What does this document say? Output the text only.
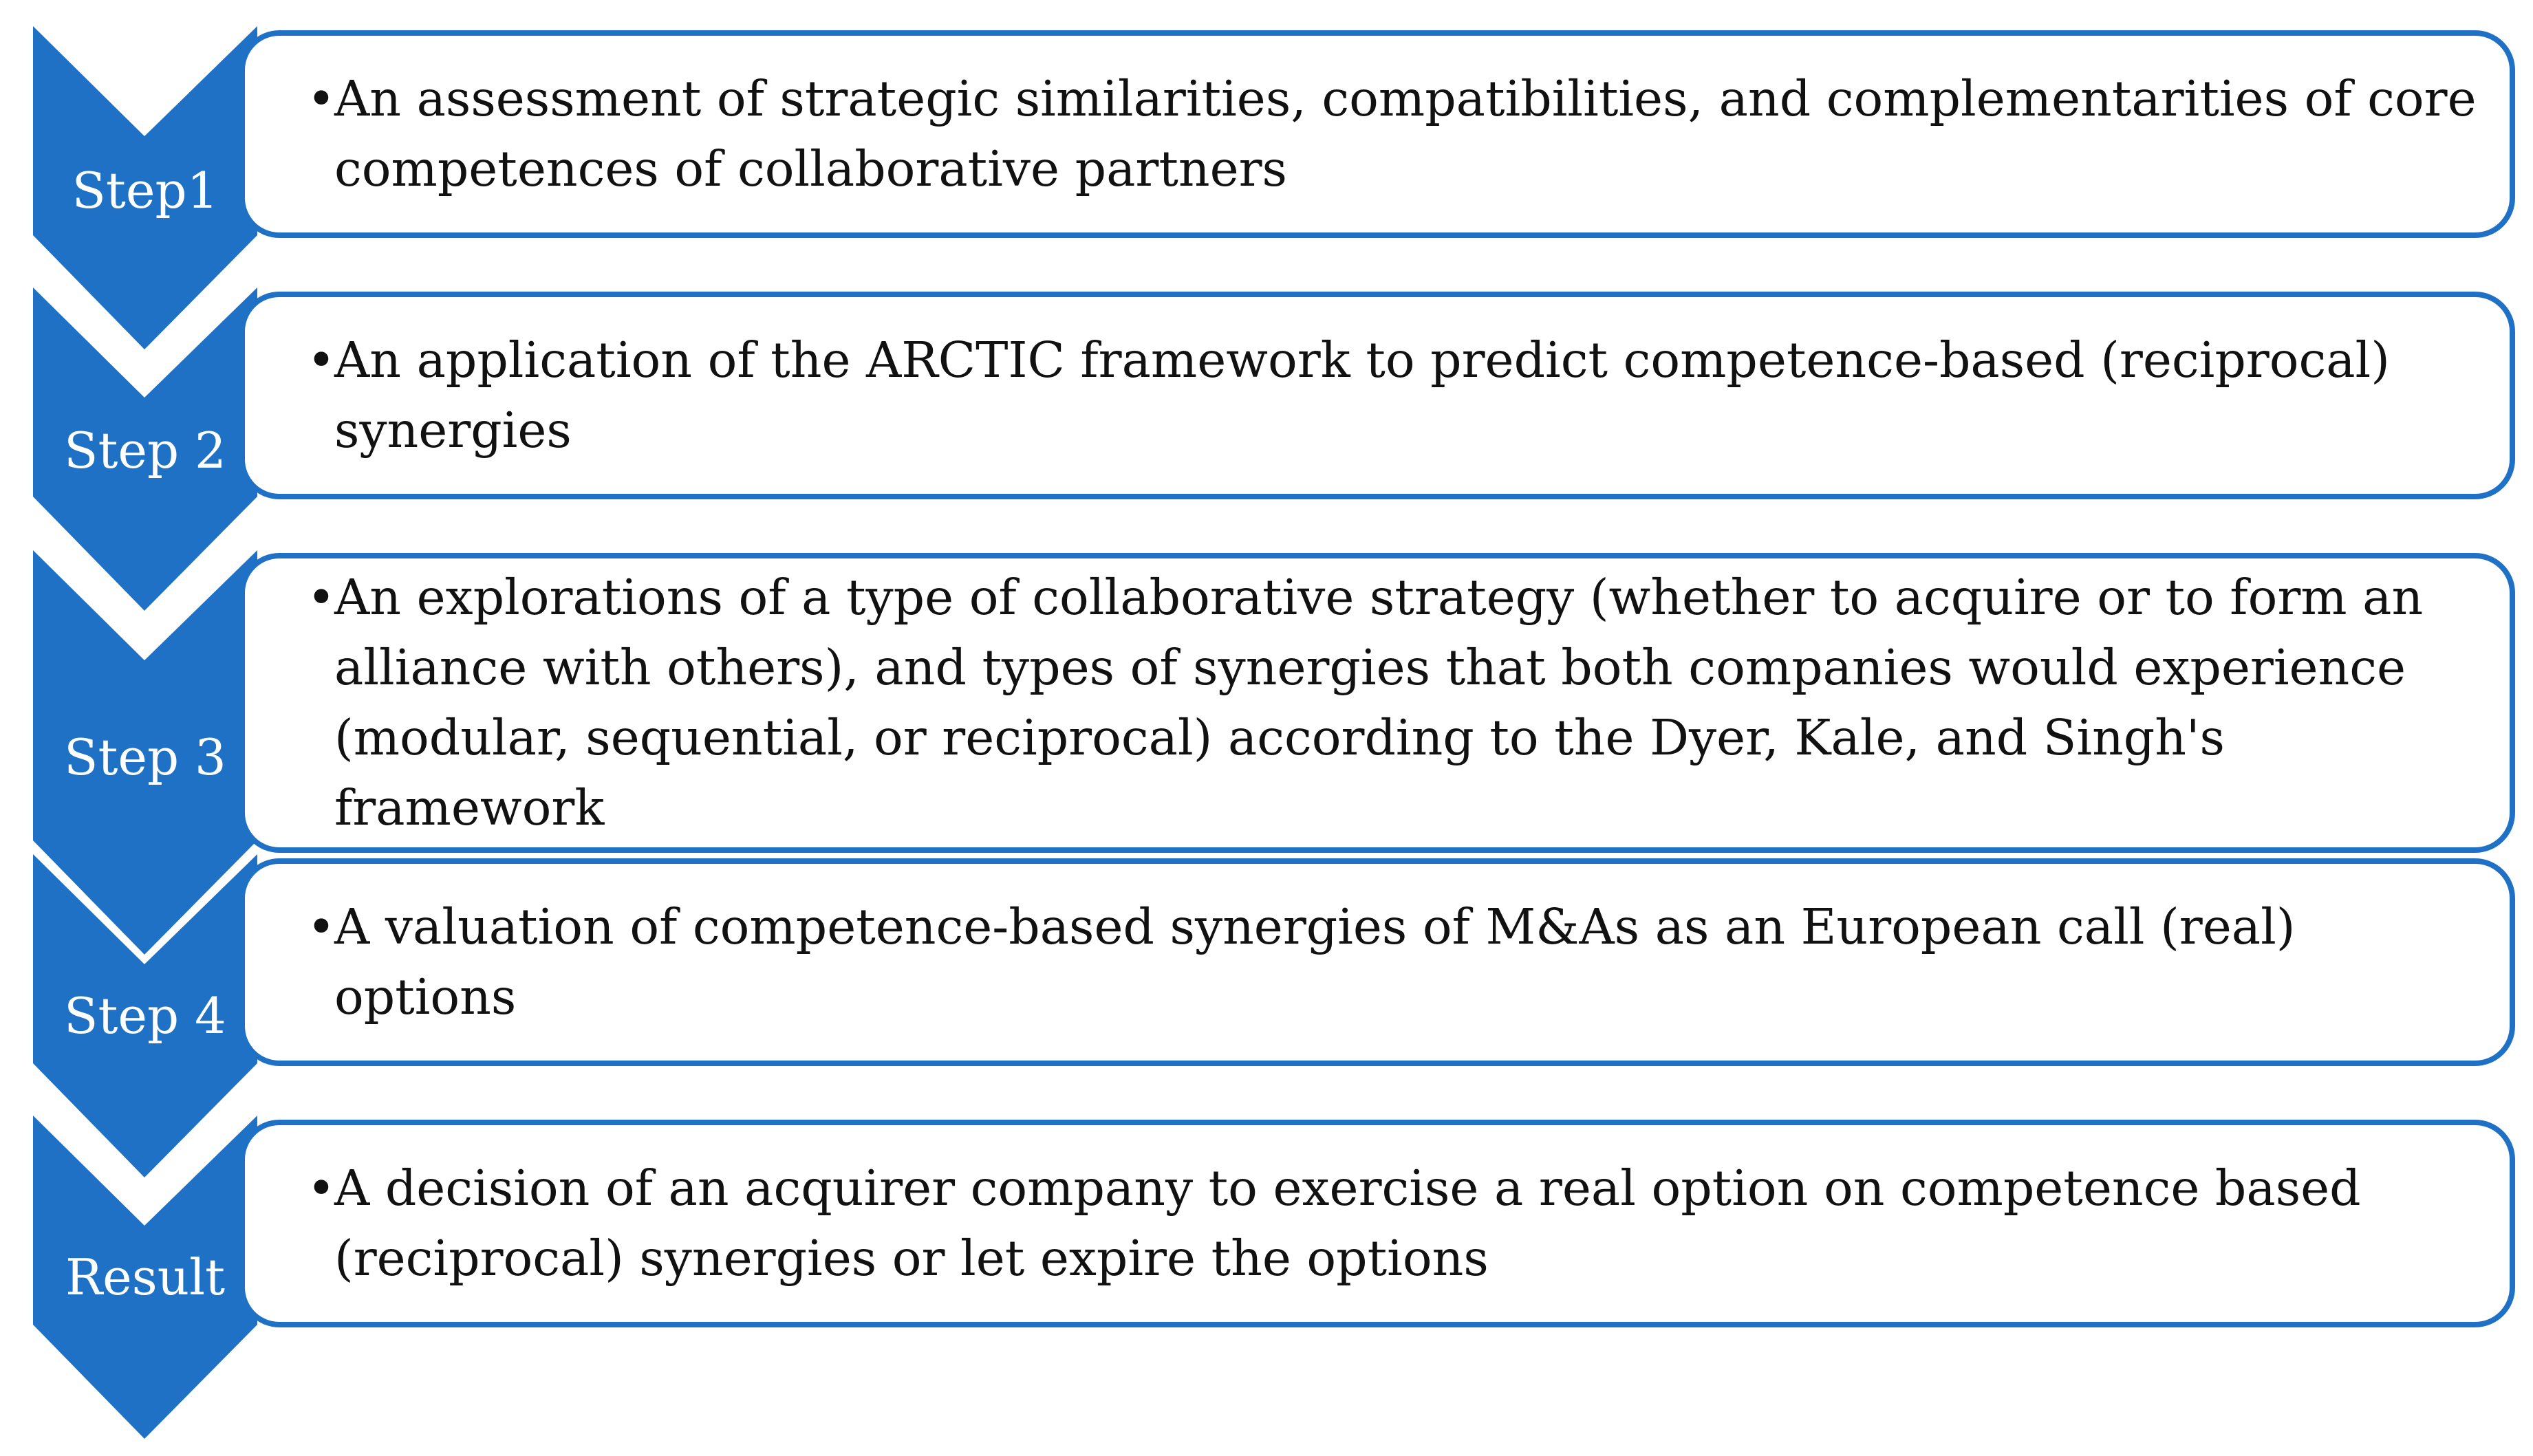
•An assessment of strategic similarities, compatibilities, and complementarities of core competences of collaborative partners

•An application of the ARCTIC framework to predict competence-based (reciprocal) synergies

•An explorations of a type of collaborative strategy (whether to acquire or to form an alliance with others), and types of synergies that both companies would experience (modular, sequential, or reciprocal) according to the Dyer, Kale, and Singh's framework

•A valuation of competence-based synergies of M&As as an European call (real) options

•A decision of an acquirer company to exercise a real option on competence based (reciprocal) synergies or let expire the options

Step1
Step 2
Step 3
Step 4
Result
